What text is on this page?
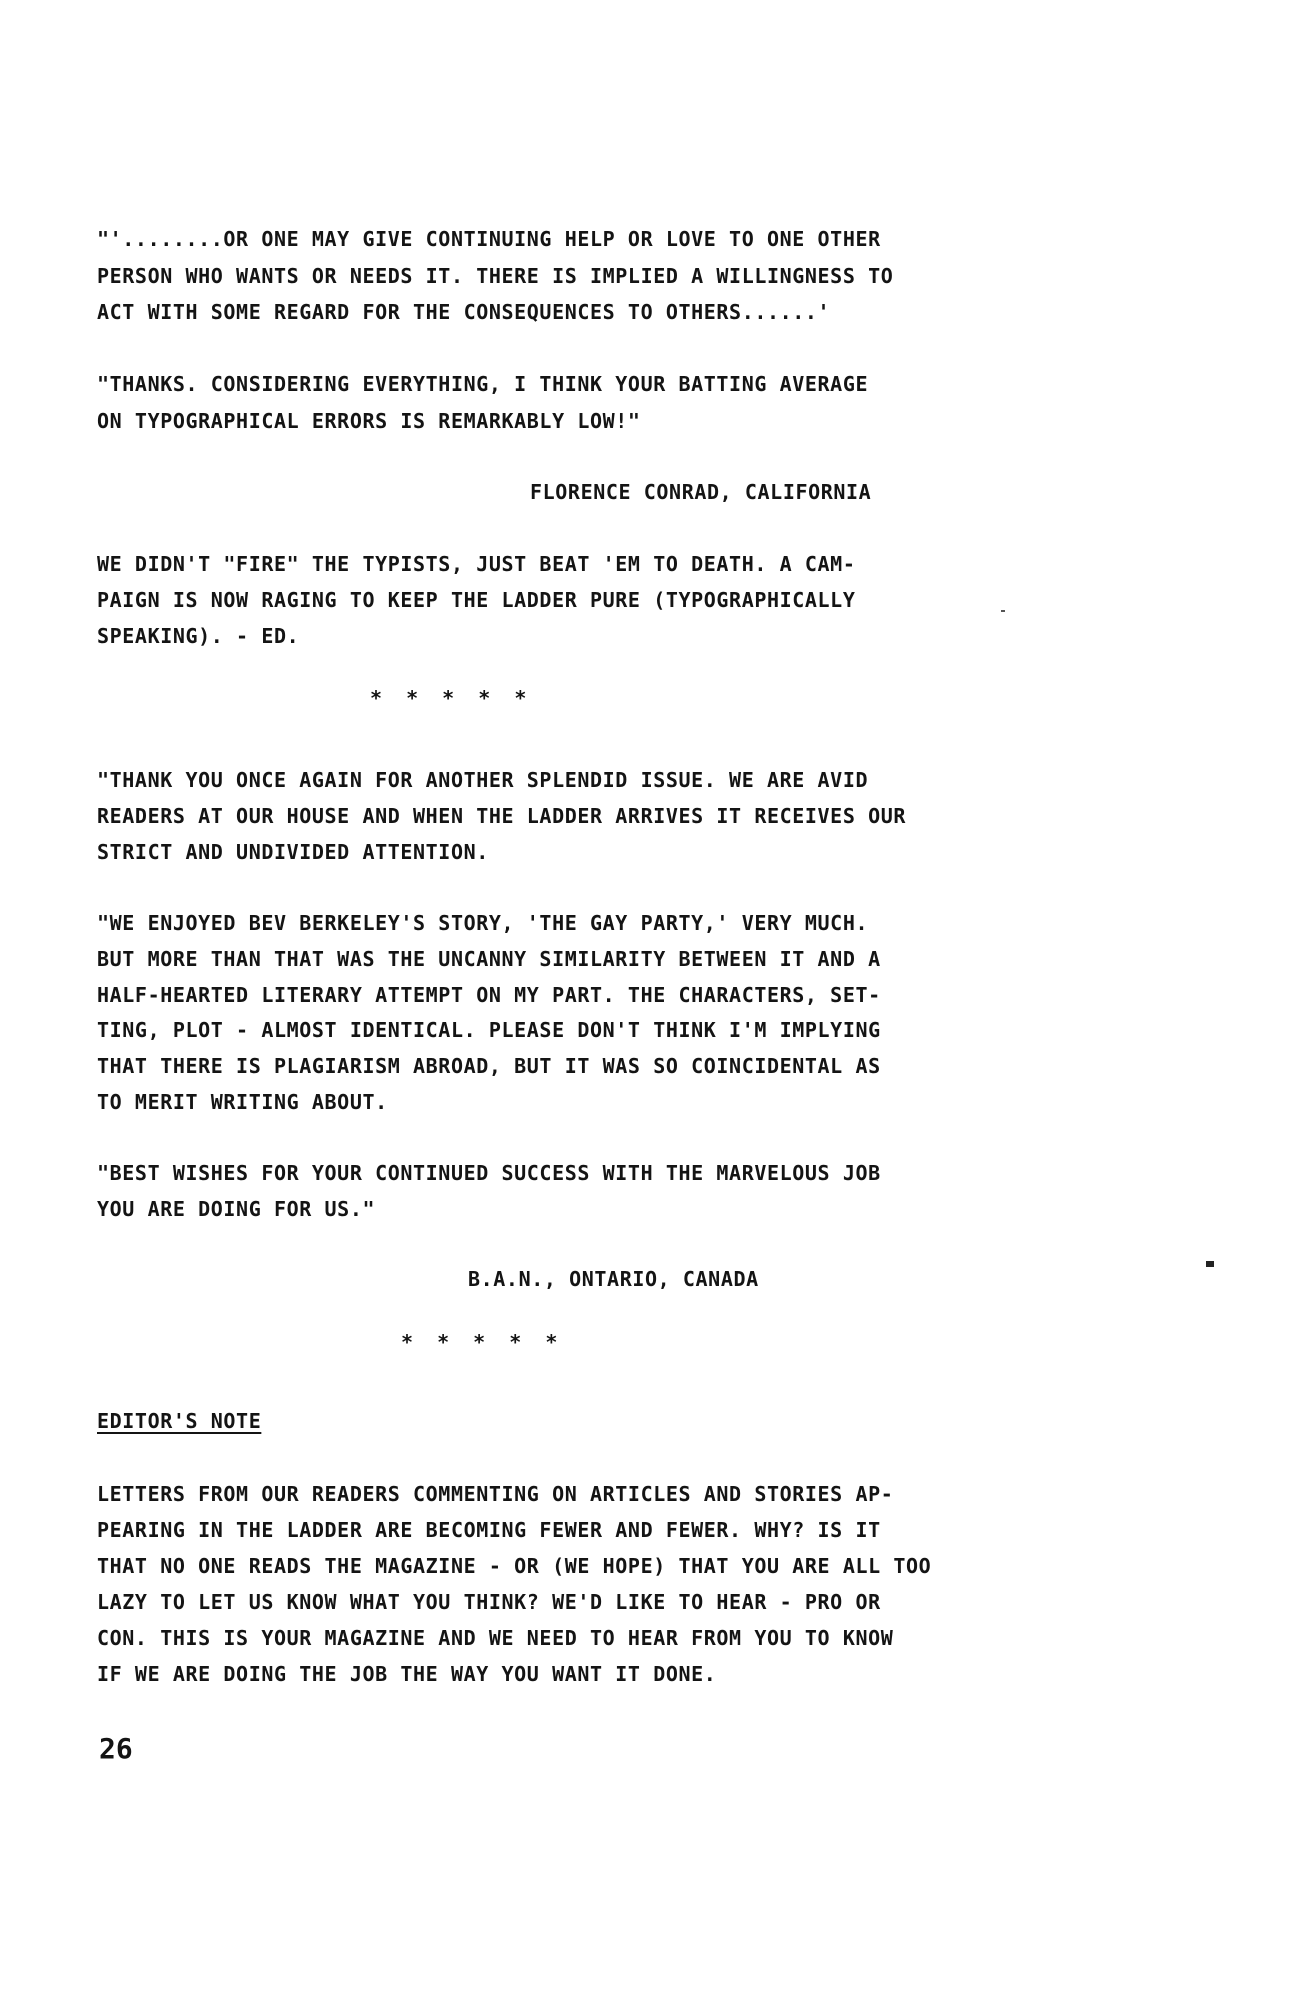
"'........OR ONE MAY GIVE CONTINUING HELP OR LOVE TO ONE OTHER
PERSON WHO WANTS OR NEEDS IT. THERE IS IMPLIED A WILLINGNESS TO
ACT WITH SOME REGARD FOR THE CONSEQUENCES TO OTHERS......'
"THANKS. CONSIDERING EVERYTHING, I THINK YOUR BATTING AVERAGE
ON TYPOGRAPHICAL ERRORS IS REMARKABLY LOW!"
FLORENCE CONRAD, CALIFORNIA
WE DIDN'T "FIRE" THE TYPISTS, JUST BEAT 'EM TO DEATH. A CAM-
PAIGN IS NOW RAGING TO KEEP THE LADDER PURE (TYPOGRAPHICALLY
SPEAKING). - ED.
* * * * *
"THANK YOU ONCE AGAIN FOR ANOTHER SPLENDID ISSUE. WE ARE AVID
READERS AT OUR HOUSE AND WHEN THE LADDER ARRIVES IT RECEIVES OUR
STRICT AND UNDIVIDED ATTENTION.
"WE ENJOYED BEV BERKELEY'S STORY, 'THE GAY PARTY,' VERY MUCH.
BUT MORE THAN THAT WAS THE UNCANNY SIMILARITY BETWEEN IT AND A
HALF-HEARTED LITERARY ATTEMPT ON MY PART. THE CHARACTERS, SET-
TING, PLOT - ALMOST IDENTICAL. PLEASE DON'T THINK I'M IMPLYING
THAT THERE IS PLAGIARISM ABROAD, BUT IT WAS SO COINCIDENTAL AS
TO MERIT WRITING ABOUT.
"BEST WISHES FOR YOUR CONTINUED SUCCESS WITH THE MARVELOUS JOB
YOU ARE DOING FOR US."
B.A.N., ONTARIO, CANADA
* * * * *
EDITOR'S NOTE
LETTERS FROM OUR READERS COMMENTING ON ARTICLES AND STORIES AP-
PEARING IN THE LADDER ARE BECOMING FEWER AND FEWER. WHY? IS IT
THAT NO ONE READS THE MAGAZINE - OR (WE HOPE) THAT YOU ARE ALL TOO
LAZY TO LET US KNOW WHAT YOU THINK? WE'D LIKE TO HEAR - PRO OR
CON. THIS IS YOUR MAGAZINE AND WE NEED TO HEAR FROM YOU TO KNOW
IF WE ARE DOING THE JOB THE WAY YOU WANT IT DONE.
26
